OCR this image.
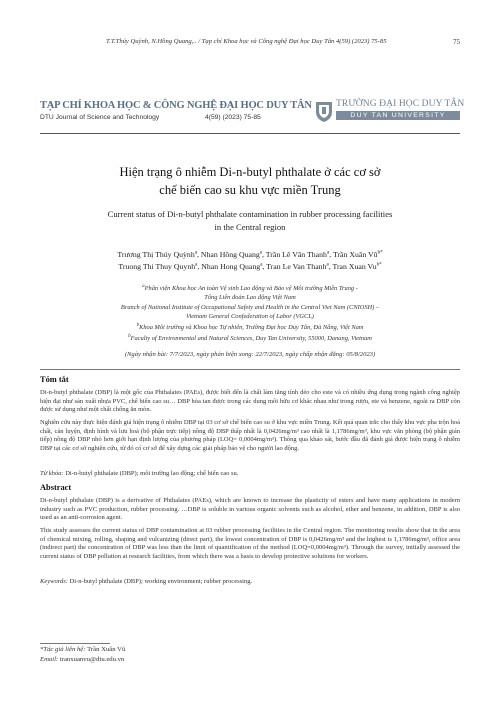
T.T.Thúy Quỳnh, N.Hồng Quang,.. / Tạp chí Khoa học và Công nghệ Đại học Duy Tân 4(59) (2023) 75-85	75
TẠP CHÍ KHOA HỌC & CÔNG NGHỆ ĐẠI HỌC DUY TÂN
DTU Journal of Science and Technology	4(59) (2023) 75-85
TRƯỜNG ĐẠI HỌC DUY TÂN
DUY TAN UNIVERSITY
Hiện trạng ô nhiễm Di-n-butyl phthalate ở các cơ sở
chế biến cao su khu vực miền Trung
Current status of Di-n-butyl phthalate contamination in rubber processing facilities
in the Central region
Trương Thị Thúy Quỳnh$^a$, Nhan Hồng Quang$^a$, Trần Lê Văn Thanh$^a$, Trần Xuân $Vũ^{b*}$
Truong Thi Thuy Quynh$^a$, Nhan Hong Quang$^a$, Tran Le Van Thanh$^a$, Tran Xuan $Vu^{b*}$
$^a$Phân viện Khoa học An toàn Vệ sinh Lao động và Bảo vệ Môi trường Miền Trung -
Tổng Liên đoàn Lao động Việt Nam
Branch of National Institute of Occupational Safety and Health in the Central Viet Nam (CNIOSH) –
Vietnam General Confederation of Labor (VGCL)
$^b$Khoa Môi trường và Khoa học Tự nhiên, Trường Đại học Duy Tân, Đà Nẵng, Việt Nam
$^b$Faculty of Environmental and Natural Sciences, Duy Tan University, 55000, Danang, Vietnam
(Ngày nhận bài: 7/7/2023, ngày phản biện xong: 22/7/2023, ngày chấp nhận đăng: 05/8/2023)
Tóm tắt
Di-n-butyl phthalate (DBP) là một gốc của Phthalates (PAEs), được biết đến là chất làm tăng tính dẻo cho este và có nhiều ứng dụng trong ngành công nghiệp hiện đại như sản xuất nhựa PVC, chế biến cao su… DBP hòa tan được trong các dung môi hữu cơ khác nhau như trong rượu, ete và benzene, ngoài ra DBP còn được sử dụng như một chất chống ăn mòn.
Nghiên cứu này thực hiện đánh giá hiện trạng ô nhiễm DBP tại 03 cơ sở chế biến cao su ở khu vực miền Trung. Kết quả quan trắc cho thấy khu vực pha trộn hoá chất, cán luyện, định hình và lưu hoá (bộ phận trực tiếp) nồng độ DBP thấp nhất là 0,0426mg/m³ cao nhất là 1,1786mg/m³, khu vực văn phòng (bộ phận gián tiếp) nồng độ DBP nhỏ hơn giới hạn định lượng của phương pháp (LOQ= 0,0004mg/m³). Thông qua khảo sát, bước đầu đã đánh giá được hiện trạng ô nhiễm DBP tại các cơ sở nghiên cứu, từ đó có cơ sở để xây dựng các giải pháp bảo vệ cho người lao động.
Từ khóa: Di-n-butyl phthalate (DBP); môi trường lao động; chế biến cao su.
Abstract
Di-n-butyl phthalate (DBP) is a derivative of Phthalates (PAEs), which are known to increase the plasticity of esters and have many applications in modern industry such as PVC production, rubber processing. …DBP is soluble in various organic solvents such as alcohol, ether and benzene, in addition, DBP is also used as an anti-corrosion agent.
This study assesses the current status of DBP contamination at 03 rubber processing facilities in the Central region. The monitoring results show that in the area of chemical mixing, rolling, shaping and vulcanizing (direct part), the lowest concentration of DBP is 0,0426mg/m³ and the highest is 1,1786mg/m³, office area (indirect part) the concentration of DBP was less than the limit of quantification of the method (LOQ=0,0004mg/m³). Through the survey, initially assessed the current status of DBP pollution at research facilities, from which there was a basis to develop protective solutions for workers.
Keywords: Di-n-butyl phthalate (DBP); working environment; rubber processing.
*Tác giả liên hệ: Trần Xuân Vũ
Email: tranxuanvu@dtu.edu.vn
